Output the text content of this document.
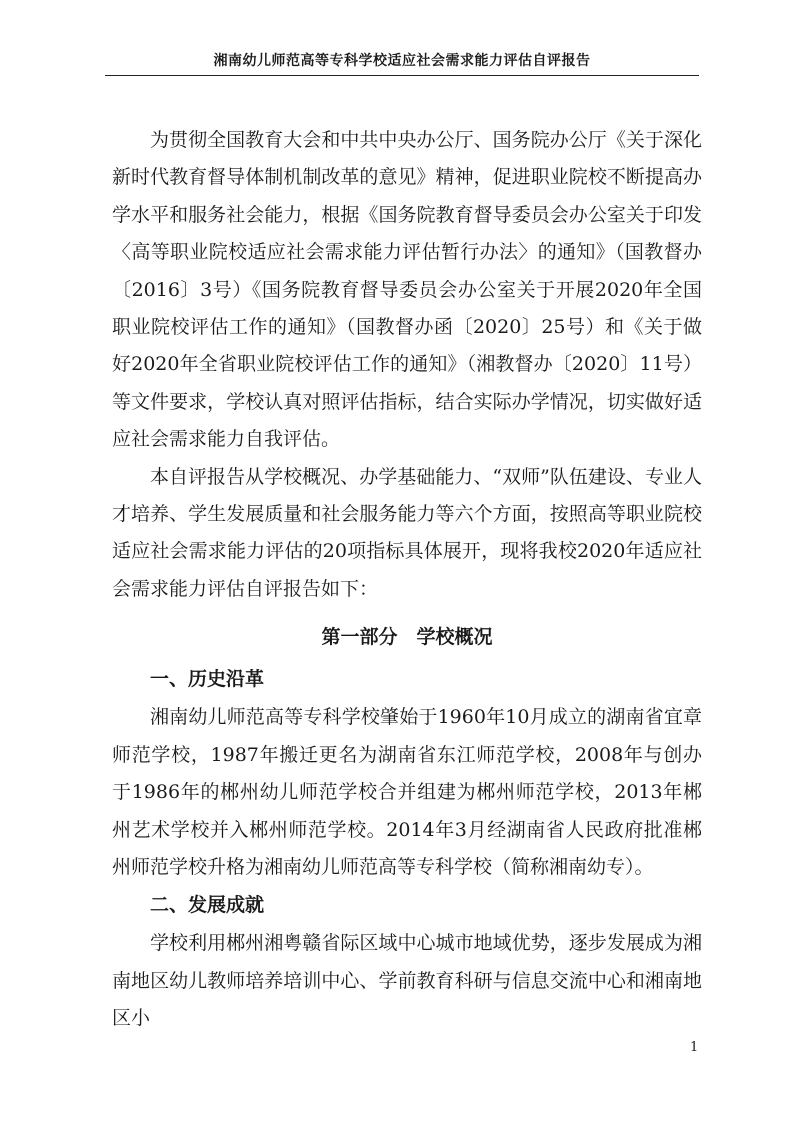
湘南幼儿师范高等专科学校适应社会需求能力评估自评报告

为贯彻全国教育大会和中共中央办公厅、国务院办公厅《关于深化新时代教育督导体制机制改革的意见》精神，促进职业院校不断提高办学水平和服务社会能力，根据《国务院教育督导委员会办公室关于印发〈高等职业院校适应社会需求能力评估暂行办法〉的通知》（国教督办〔2016〕3号）《国务院教育督导委员会办公室关于开展2020年全国职业院校评估工作的通知》（国教督办函〔2020〕25号）和《关于做好2020年全省职业院校评估工作的通知》（湘教督办〔2020〕11号）等文件要求，学校认真对照评估指标，结合实际办学情况，切实做好适应社会需求能力自我评估。

本自评报告从学校概况、办学基础能力、“双师”队伍建设、专业人才培养、学生发展质量和社会服务能力等六个方面，按照高等职业院校适应社会需求能力评估的20项指标具体展开，现将我校2020年适应社会需求能力评估自评报告如下：

第一部分　学校概况
一、历史沿革

湘南幼儿师范高等专科学校肇始于1960年10月成立的湖南省宜章师范学校，1987年搬迁更名为湖南省东江师范学校，2008年与创办于1986年的郴州幼儿师范学校合并组建为郴州师范学校，2013年郴州艺术学校并入郴州师范学校。2014年3月经湖南省人民政府批准郴州师范学校升格为湘南幼儿师范高等专科学校（简称湘南幼专）。

二、发展成就

学校利用郴州湘粤赣省际区域中心城市地域优势，逐步发展成为湘南地区幼儿教师培养培训中心、学前教育科研与信息交流中心和湘南地区小

1
